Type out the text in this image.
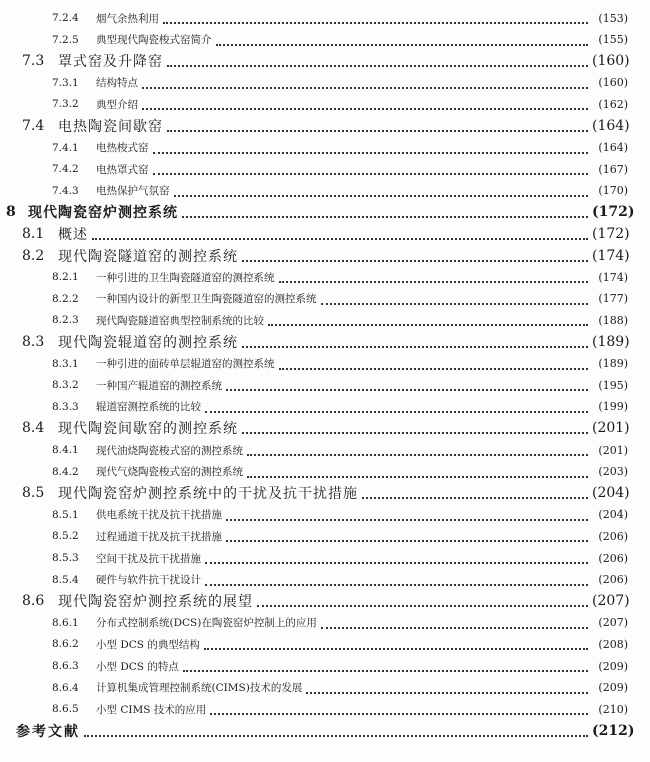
7.2.4	烟气余热利用	(153)
7.2.5	典型现代陶瓷梭式窑简介	(155)
7.3 罩式窑及升降窑	(160)
7.3.1	结构特点	(160)
7.3.2	典型介绍	(162)
7.4 电热陶瓷间歇窑	(164)
7.4.1	电热梭式窑	(164)
7.4.2	电热罩式窑	(167)
7.4.3	电热保护气氛窑	(170)
8 现代陶瓷窑炉测控系统	(172)
8.1 概述	(172)
8.2 现代陶瓷隧道窑的测控系统	(174)
8.2.1	一种引进的卫生陶瓷隧道窑的测控系统	(174)
8.2.2	一种国内设计的新型卫生陶瓷隧道窑的测控系统	(177)
8.2.3	现代陶瓷隧道窑典型控制系统的比较	(188)
8.3 现代陶瓷辊道窑的测控系统	(189)
8.3.1	一种引进的面砖单层辊道窑的测控系统	(189)
8.3.2	一种国产辊道窑的测控系统	(195)
8.3.3	辊道窑测控系统的比较	(199)
8.4 现代陶瓷间歇窑的测控系统	(201)
8.4.1	现代油烧陶瓷梭式窑的测控系统	(201)
8.4.2	现代气烧陶瓷梭式窑的测控系统	(203)
8.5 现代陶瓷窑炉测控系统中的干扰及抗干扰措施	(204)
8.5.1	供电系统干扰及抗干扰措施	(204)
8.5.2	过程通道干扰及抗干扰措施	(206)
8.5.3	空间干扰及抗干扰措施	(206)
8.5.4	硬件与软件抗干扰设计	(206)
8.6 现代陶瓷窑炉测控系统的展望	(207)
8.6.1	分布式控制系统(DCS)在陶瓷窑炉控制上的应用	(207)
8.6.2	小型 DCS 的典型结构	(208)
8.6.3	小型 DCS 的特点	(209)
8.6.4	计算机集成管理控制系统(CIMS)技术的发展	(209)
8.6.5	小型 CIMS 技术的应用	(210)
参考文献	(212)
